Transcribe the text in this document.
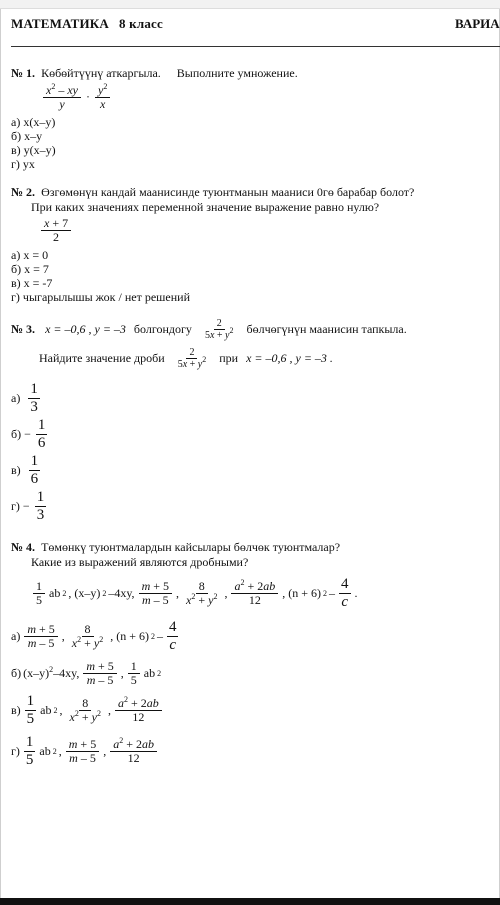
МАТЕМАТИКА 8 класс	ВАРИА
№ 1. Көбөйтүүнү аткаргыла. Выполните умножение.
$\frac{x^2 - xy}{y} \cdot \frac{y^2}{x}$
а) x(x–y)
б) x–y
в) y(x–y)
г) yx
№ 2. Өзгөмөнүн кандай маанисинде туюнтманын мааниси 0гө барабар болот?
При каких значениях переменной значение выражение равно нулю?
$\frac{x + 7}{2}$
а) x = 0
б) x = 7
в) x = -7
г) чыгарылышы жок / нет решений
№ 3. x = –0,6 , y = –3 болгондогу $\frac{2}{5x + y^2}$ бөлчөгүнүн маанисин тапкыла.
Найдите значение дроби $\frac{2}{5x + y^2}$ при x = –0,6 , y = –3 .
$а) \frac{1}{3}$
$б) - \frac{1}{6}$
$в) \frac{1}{6}$
$г) - \frac{1}{3}$
№ 4. Төмөнкү туюнтмалардын кайсылары бөлчөк туюнтмалар?
Какие из выражений являются дробными?
$\frac{1}{5}$ ab 2 , (x–y) 2 –4xy, $\frac{m + 5}{m - 5}$ , $\frac{8}{x^2 + y^2}$ , $\frac{a^2 + 2ab}{12}$ , (n + 6) $2 - \frac{4}{c}$ .
$а) \frac{m + 5}{m - 5}$ , $\frac{8}{x^2 + y^2}$ , (n + 6) $2 - \frac{4}{c}$
б) $(x-y)^2-4xy$, $\frac{m + 5}{m - 5}$ , $\frac{1}{5}$ ab 2
$в) \frac{1}{5}$ ab 2 , $\frac{8}{x^2 + y^2}$ , $\frac{a^2 + 2ab}{12}$
$г) \frac{1}{5}$ ab 2 , $\frac{m + 5}{m - 5}$ , $\frac{a^2 + 2ab}{12}$
